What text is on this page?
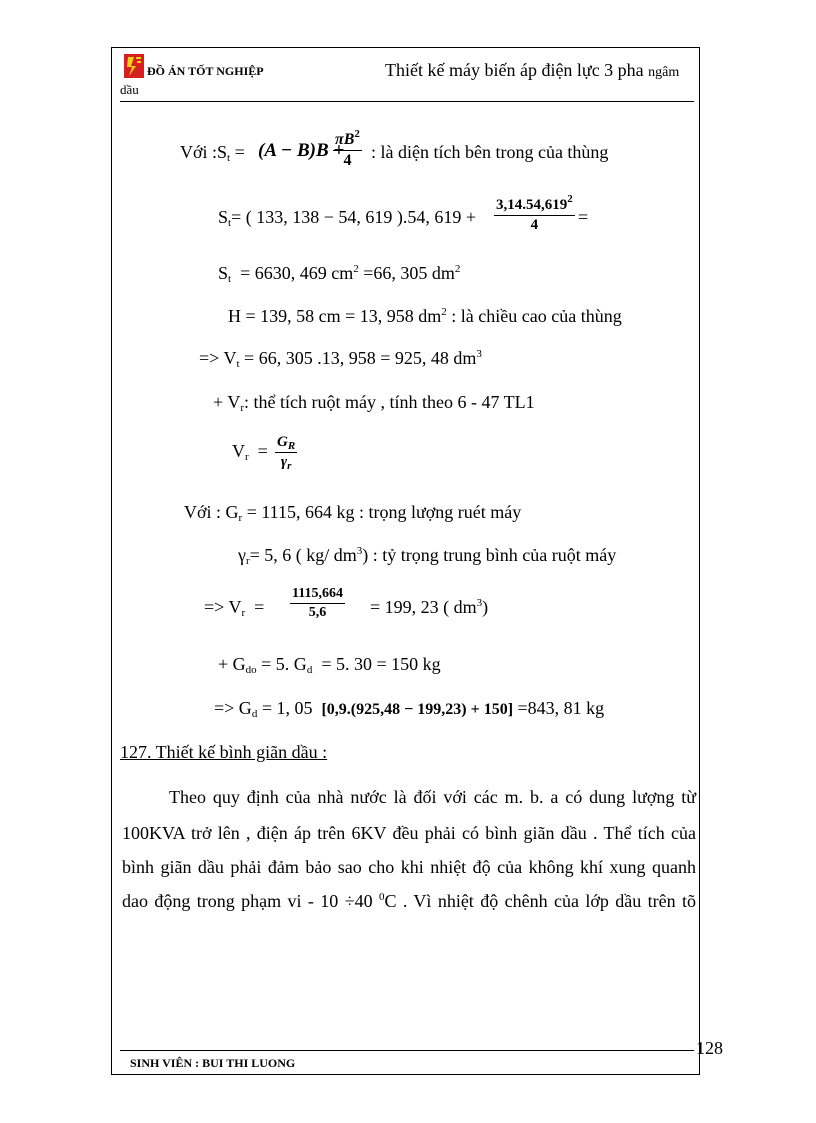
ĐỒ ÁN TỐT NGHIỆP	Thiết kế máy biến áp điện lực 3 pha ngâm
dầu
Với $:S_t = (A - B)B$ +
$\frac{\pi B^2}{4}$ : là diện tích bên trong của thùng
$S_t=$ ( 133, 138 − 54, 619 ).54, $619 + \frac{3,14.54,619^2}{4}$ =
$S_t = 6630$, 469 $cm^2 =66$, 305 $dm^2$
H = 139, 58 cm = 13, 958 $dm^2$ : là chiều cao của thùng
=> $V_t = 66$, 305 .13, 958 = 925, 48 $dm^3$
+ $V_r$: thể tích ruột máy , tính theo 6 - 47 TL1
$V_r = \frac{G_R}{\gamma_r}$
Với : $G_r = 1115$, 664 kg : trọng lượng ruét máy
$\gamma_r= 5$, 6 ( kg/ $dm^3$) : tỷ trọng trung bình của ruột máy
=> $V_r = \frac{1115,664}{5,6} = 199$, 23 ( $dm^3$)
+ $G_{do} = 5$. $G_d = 5$. 30 = 150 kg
=> $G_d = 1$, 05 [0,9.(925,48 − 199,23) + 150] =843, 81 kg
127. Thiết kế bình giãn dầu :
Theo quy định của nhà nước là đối với các m. b. a có dung lượng từ
100KVA trở lên , điện áp trên 6KV đều phải có bình giãn dầu . Thể tích của
bình giãn dầu phải đảm bảo sao cho khi nhiệt độ của không khí xung quanh
dao động trong phạm vi - 10 ÷40 $^0$C . Vì nhiệt độ chênh của lớp dầu trên tõ
128
SINH VIÊN : BUI THI LUONG
